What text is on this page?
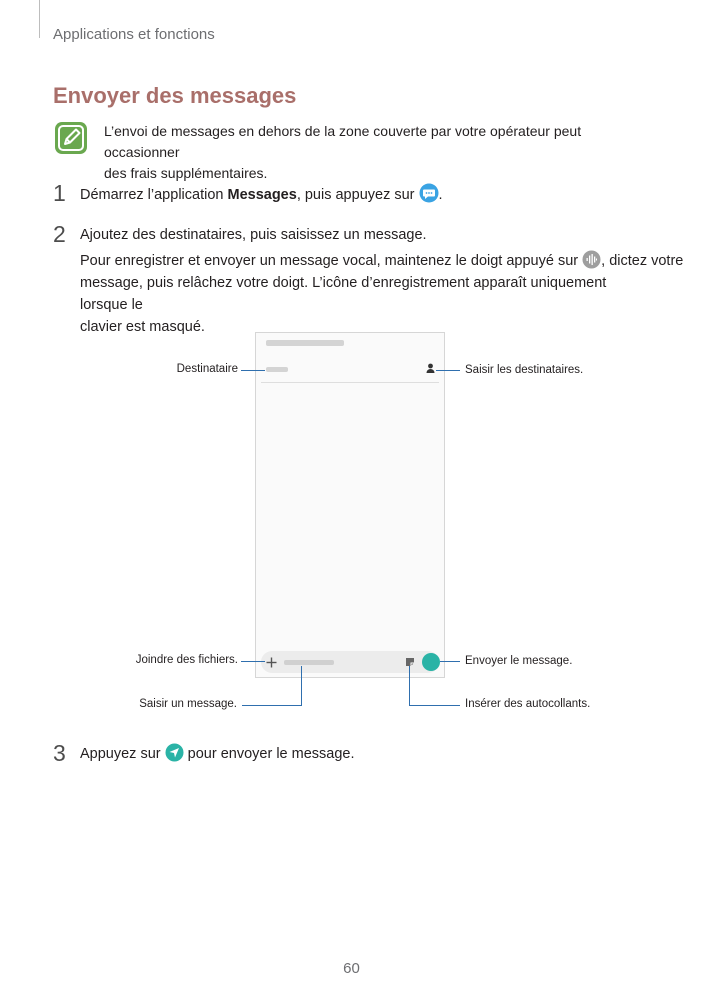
Applications et fonctions
Envoyer des messages
L’envoi de messages en dehors de la zone couverte par votre opérateur peut occasionner
des frais supplémentaires.
1 Démarrez l’application Messages, puis appuyez sur .
2 Ajoutez des destinataires, puis saisissez un message.
Pour enregistrer et envoyer un message vocal, maintenez le doigt appuyé sur , dictez votre
message, puis relâchez votre doigt. L’icône d’enregistrement apparaît uniquement lorsque le
clavier est masqué.
Destinataire	Saisir les destinataires.
Joindre des fichiers.	Envoyer le message.
Saisir un message.	Insérer des autocollants.
3 Appuyez sur pour envoyer le message.
60
